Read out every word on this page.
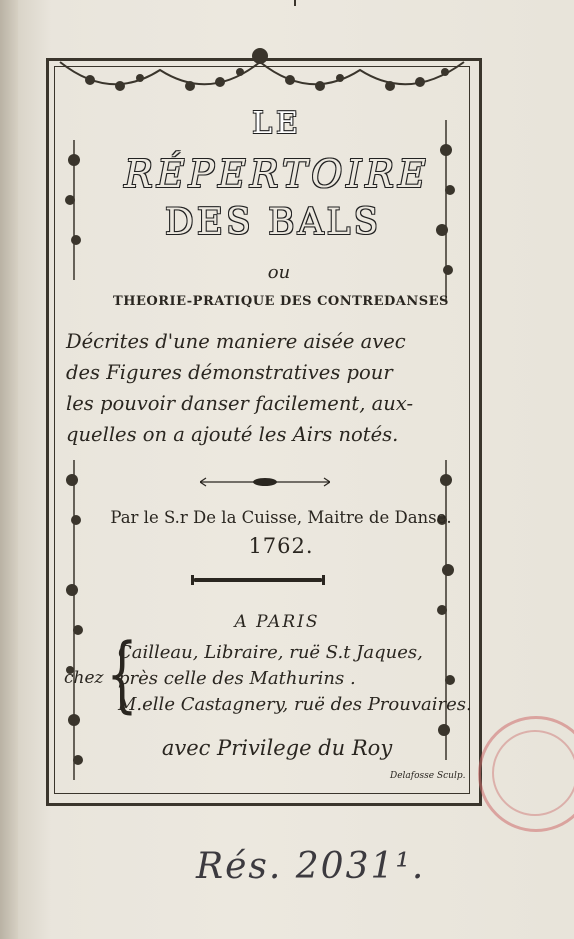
LE

RÉPERTOIRE

DES BALS

ou

THEORIE-PRATIQUE DES CONTREDANSES

Décrites d'une maniere aisée avec
des Figures démonstratives pour
les pouvoir danser facilement, aux-
quelles on a ajouté les Airs notés.

Par le S.r De la Cuisse, Maitre de Danse.

1762.

A PARIS

chez {
Cailleau, Libraire, ruë S.t Jaques,
près celle des Mathurins .
M.elle Castagnery, ruë des Prouvaires.

avec Privilege du Roy

Delafosse Sculp.
Rés. 2031¹.
